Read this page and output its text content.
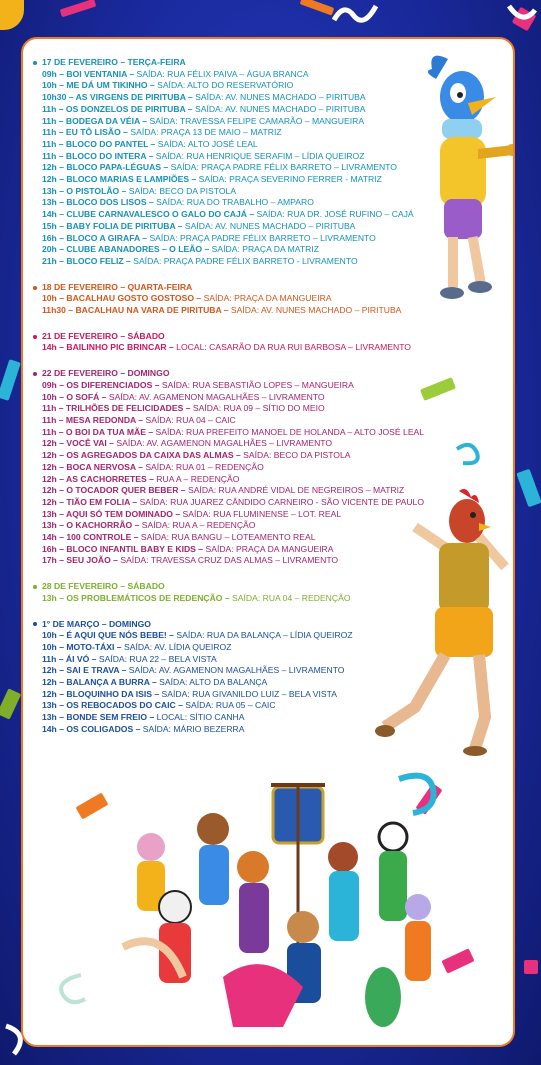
17 DE FEVEREIRO – TERÇA-FEIRA
09h – BOI VENTANIA – SAÍDA: RUA FÉLIX PAIVA – ÁGUA BRANCA
10h – ME DÁ UM TIKINHO – SAÍDA: ALTO DO RESERVATÓRIO
10h30 – AS VIRGENS DE PIRITUBA – SAÍDA: AV. NUNES MACHADO – PIRITUBA
11h – OS DONZELOS DE PIRITUBA – SAÍDA: AV. NUNES MACHADO – PIRITUBA
11h – BODEGA DA VÉIA – SAÍDA: TRAVESSA FELIPE CAMARÃO – MANGUEIRA
11h – EU TÔ LISÃO – SAÍDA: PRAÇA 13 DE MAIO – MATRIZ
11h – BLOCO DO PANTEL – SAÍDA: ALTO JOSÉ LEAL
11h – BLOCO DO INTERA – SAÍDA: RUA HENRIQUE SERAFIM – LÍDIA QUEIROZ
12h – BLOCO PAPA-LÉGUAS – SAÍDA: PRAÇA PADRE FÉLIX BARRETO – LIVRAMENTO
12h – BLOCO MARIAS E LAMPIÕES – SAÍDA: PRAÇA SEVERINO FERRER - MATRIZ
13h – O PISTOLÃO – SAÍDA: BECO DA PISTOLA
13h – BLOCO DOS LISOS – SAÍDA: RUA DO TRABALHO – AMPARO
14h – CLUBE CARNAVALESCO O GALO DO CAJÁ – SAÍDA: RUA DR. JOSÉ RUFINO – CAJÁ
15h – BABY FOLIA DE PIRITUBA – SAÍDA: AV. NUNES MACHADO – PIRITUBA
16h – BLOCO A GIRAFA – SAÍDA: PRAÇA PADRE FÉLIX BARRETO – LIVRAMENTO
20h – CLUBE ABANADORES – O LEÃO – SAÍDA: PRAÇA DA MATRIZ
21h – BLOCO FELIZ – SAÍDA: PRAÇA PADRE FÉLIX BARRETO - LIVRAMENTO
18 DE FEVEREIRO – QUARTA-FEIRA
10h – BACALHAU GOSTO GOSTOSO – SAÍDA: PRAÇA DA MANGUEIRA
11h30 – BACALHAU NA VARA DE PIRITUBA – SAÍDA: AV. NUNES MACHADO – PIRITUBA
21 DE FEVEREIRO – SÁBADO
14h – BAILINHO PIC BRINCAR – LOCAL: CASARÃO DA RUA RUI BARBOSA – LIVRAMENTO
22 DE FEVEREIRO – DOMINGO
09h – OS DIFERENCIADOS – SAÍDA: RUA SEBASTIÃO LOPES – MANGUEIRA
10h – O SOFÁ – SAÍDA: AV. AGAMENON MAGALHÃES – LIVRAMENTO
11h – TRILHÕES DE FELICIDADES – SAÍDA: RUA 09 – SÍTIO DO MEIO
11h – MESA REDONDA – SAÍDA: RUA 04 – CAIC
11h – O BOI DA TUA MÃE – SAÍDA: RUA PREFEITO MANOEL DE HOLANDA – ALTO JOSÉ LEAL
12h – VOCÊ VAI – SAÍDA: AV. AGAMENON MAGALHÃES – LIVRAMENTO
12h – OS AGREGADOS DA CAIXA DAS ALMAS – SAÍDA: BECO DA PISTOLA
12h – BOCA NERVOSA – SAÍDA: RUA 01 – REDENÇÃO
12h – AS CACHORRETES – RUA A – REDENÇÃO
12h – O TOCADOR QUER BEBER – SAÍDA: RUA ANDRÉ VIDAL DE NEGREIROS – MATRIZ
12h – TIÃO EM FOLIA – SAÍDA: RUA JUAREZ CÂNDIDO CARNEIRO - SÃO VICENTE DE PAULO
13h – AQUI SÓ TEM DOMINADO – SAÍDA: RUA FLUMINENSE – LOT. REAL
13h – O KACHORRÃO – SAÍDA: RUA A – REDENÇÃO
14h – 100 CONTROLE – SAÍDA: RUA BANGU – LOTEAMENTO REAL
16h – BLOCO INFANTIL BABY E KIDS – SAÍDA: PRAÇA DA MANGUEIRA
17h – SEU JOÃO – SAÍDA: TRAVESSA CRUZ DAS ALMAS – LIVRAMENTO
28 DE FEVEREIRO – SÁBADO
13h – OS PROBLEMÁTICOS DE REDENÇÃO – SAÍDA: RUA 04 – REDENÇÃO
1° DE MARÇO – DOMINGO
10h – É AQUI QUE NÓS BEBE! – SAÍDA: RUA DA BALANÇA – LÍDIA QUEIROZ
10h – MOTO-TÁXI – SAÍDA: AV. LÍDIA QUEIROZ
11h – ÁI VÓ – SAÍDA: RUA 22 – BELA VISTA
12h – SAI E TRAVA – SAÍDA: AV. AGAMENON MAGALHÃES – LIVRAMENTO
12h – BALANÇA A BURRA – SAÍDA: ALTO DA BALANÇA
12h – BLOQUINHO DA ISIS – SAÍDA: RUA GIVANILDO LUIZ – BELA VISTA
13h – OS REBOCADOS DO CAIC – SAÍDA: RUA 05 – CAIC
13h – BONDE SEM FREIO – LOCAL: SÍTIO CANHA
14h – OS COLIGADOS – SAÍDA: MÁRIO BEZERRA
